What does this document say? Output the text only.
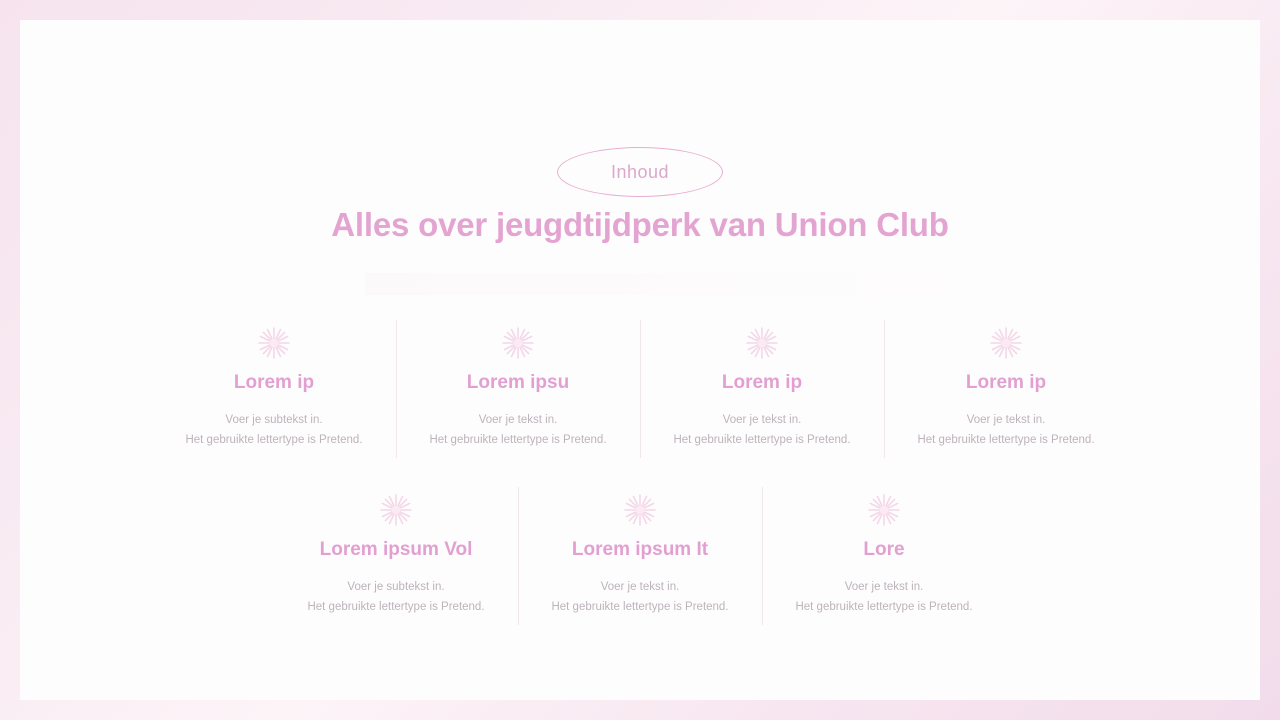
Inhoud
Alles over jeugdtijdperk van Union Club
Lorem ip
Voer je subtekst in.
Het gebruikte lettertype is Pretend.
Lorem ipsu
Voer je tekst in.
Het gebruikte lettertype is Pretend.
Lorem ip
Voer je tekst in.
Het gebruikte lettertype is Pretend.
Lorem ip
Voer je tekst in.
Het gebruikte lettertype is Pretend.
Lorem ipsum Vol
Voer je subtekst in.
Het gebruikte lettertype is Pretend.
Lorem ipsum It
Voer je tekst in.
Het gebruikte lettertype is Pretend.
Lore
Voer je tekst in.
Het gebruikte lettertype is Pretend.
